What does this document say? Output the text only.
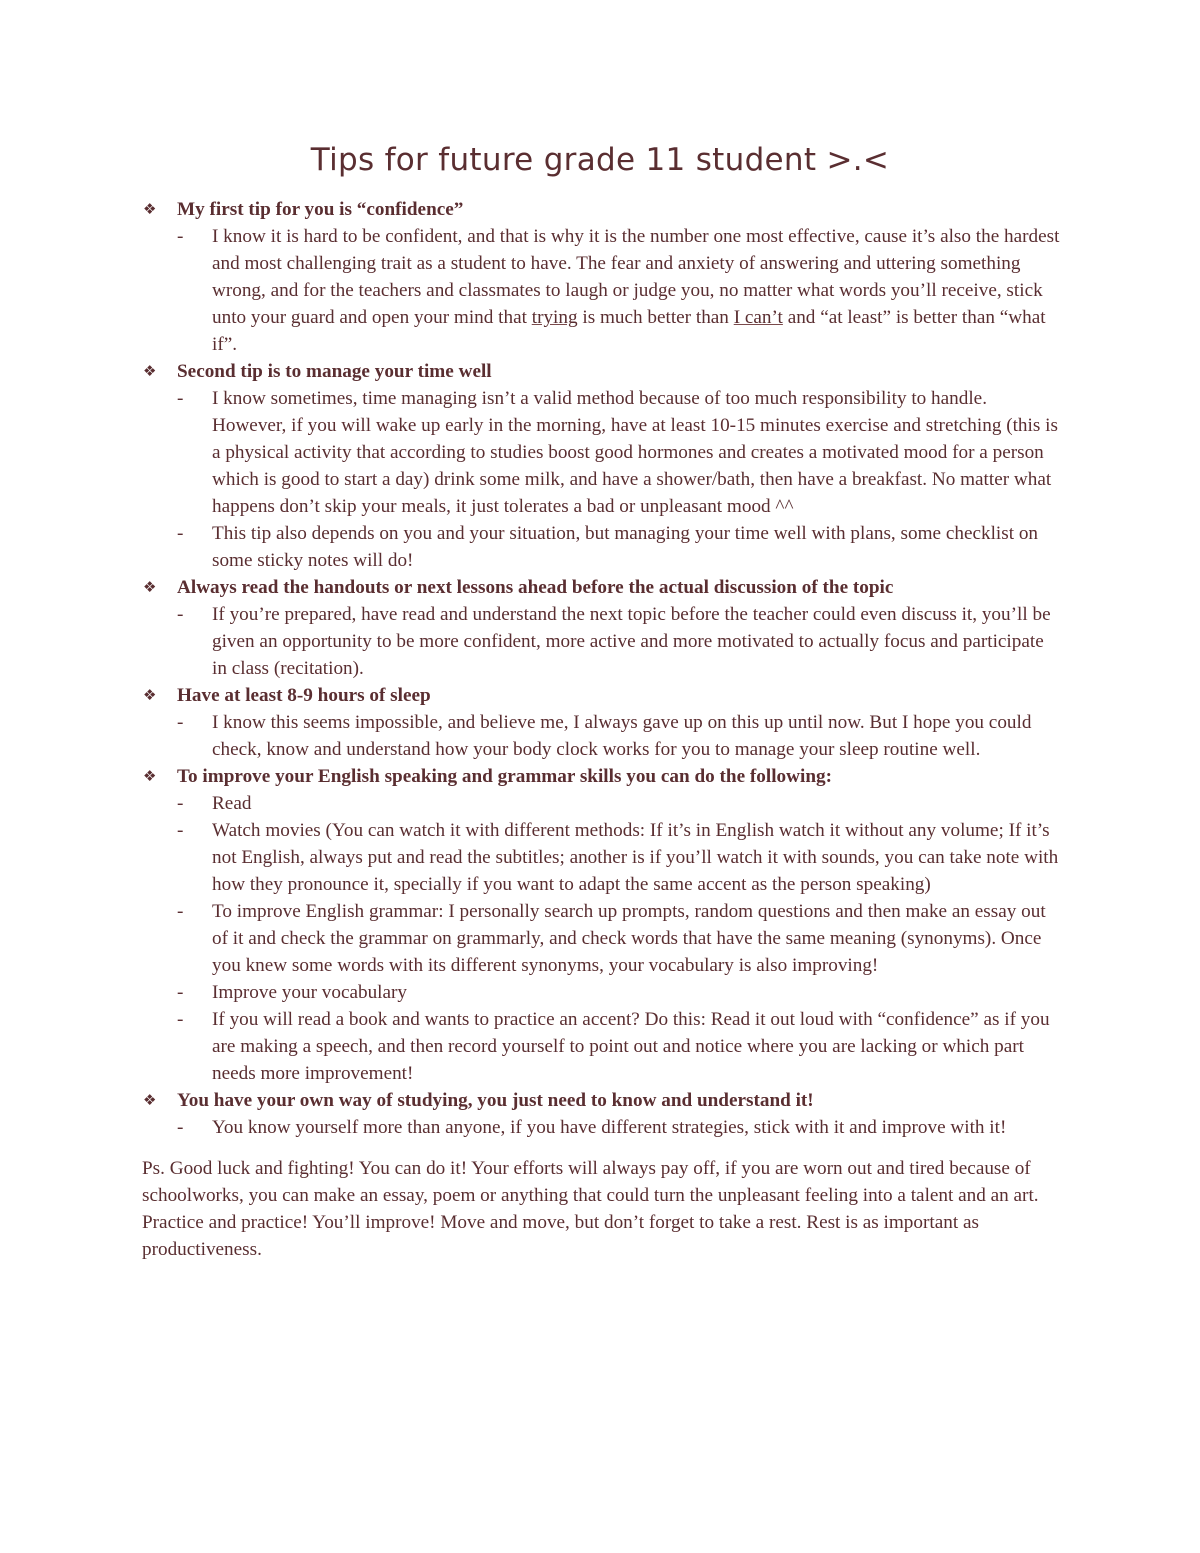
Tips for future grade 11 student >.<
❖	My first tip for you is “confidence”
-	I know it is hard to be confident, and that is why it is the number one most effective, cause it’s also the hardest and most challenging trait as a student to have. The fear and anxiety of answering and uttering something wrong, and for the teachers and classmates to laugh or judge you, no matter what words you’ll receive, stick unto your guard and open your mind that trying is much better than I can’t and “at least” is better than “what if”.
❖	Second tip is to manage your time well
-	I know sometimes, time managing isn’t a valid method because of too much responsibility to handle. However, if you will wake up early in the morning, have at least 10-15 minutes exercise and stretching (this is a physical activity that according to studies boost good hormones and creates a motivated mood for a person which is good to start a day) drink some milk, and have a shower/bath, then have a breakfast. No matter what happens don’t skip your meals, it just tolerates a bad or unpleasant mood ^^
-	This tip also depends on you and your situation, but managing your time well with plans, some checklist on some sticky notes will do!
❖	Always read the handouts or next lessons ahead before the actual discussion of the topic
-	If you’re prepared, have read and understand the next topic before the teacher could even discuss it, you’ll be given an opportunity to be more confident, more active and more motivated to actually focus and participate in class (recitation).
❖	Have at least 8-9 hours of sleep
-	I know this seems impossible, and believe me, I always gave up on this up until now. But I hope you could check, know and understand how your body clock works for you to manage your sleep routine well.
❖	To improve your English speaking and grammar skills you can do the following:
-	Read
-	Watch movies (You can watch it with different methods: If it’s in English watch it without any volume; If it’s not English, always put and read the subtitles; another is if you’ll watch it with sounds, you can take note with how they pronounce it, specially if you want to adapt the same accent as the person speaking)
-	To improve English grammar: I personally search up prompts, random questions and then make an essay out of it and check the grammar on grammarly, and check words that have the same meaning (synonyms). Once you knew some words with its different synonyms, your vocabulary is also improving!
-	Improve your vocabulary
-	If you will read a book and wants to practice an accent? Do this: Read it out loud with “confidence” as if you are making a speech, and then record yourself to point out and notice where you are lacking or which part needs more improvement!
❖	You have your own way of studying, you just need to know and understand it!
-	You know yourself more than anyone, if you have different strategies, stick with it and improve with it!

Ps. Good luck and fighting! You can do it! Your efforts will always pay off, if you are worn out and tired because of schoolworks, you can make an essay, poem or anything that could turn the unpleasant feeling into a talent and an art. Practice and practice! You’ll improve! Move and move, but don’t forget to take a rest. Rest is as important as productiveness.
